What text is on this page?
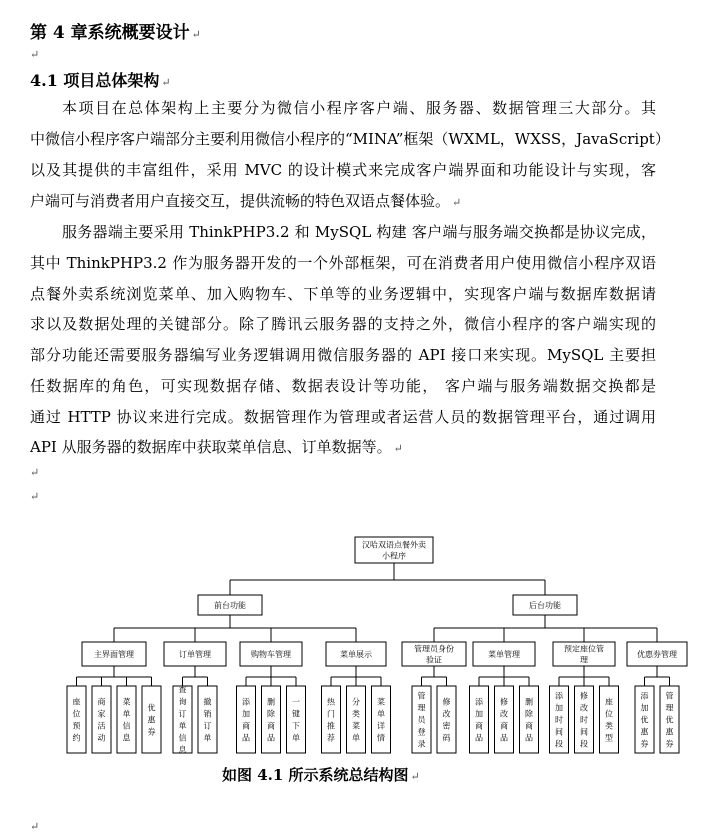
第 4 章系统概要设计 ↵
↵
4.1 项目总体架构 ↵
本项目在总体架构上主要分为微信小程序客户端、服务器、数据管理三大部分。其
中微信小程序客户端部分主要利用微信小程序的“MINA”框架（WXML，WXSS，JavaScript）
以及其提供的丰富组件，采用 MVC 的设计模式来完成客户端界面和功能设计与实现，客
户端可与消费者用户直接交互，提供流畅的特色双语点餐体验。 ↵
服务器端主要采用 ThinkPHP3.2 和 MySQL 构建 客户端与服务端交换都是协议完成，
其中 ThinkPHP3.2 作为服务器开发的一个外部框架，可在消费者用户使用微信小程序双语
点餐外卖系统浏览菜单、加入购物车、下单等的业务逻辑中，实现客户端与数据库数据请
求以及数据处理的关键部分。除了腾讯云服务器的支持之外，微信小程序的客户端实现的
部分功能还需要服务器编写业务逻辑调用微信服务器的 API 接口来实现。MySQL 主要担
任数据库的角色，可实现数据存储、数据表设计等功能， 客户端与服务端数据交换都是
通过 HTTP 协议来进行完成。数据管理作为管理或者运营人员的数据管理平台，通过调用
API 从服务器的数据库中获取菜单信息、订单数据等。 ↵
↵
↵
汉哈双语点餐外卖
小程序
前台功能
主界面管理
座位预约
商家活动
菜单信息
优惠券
订单管理
查询订单信息
撤销订单
购物车管理
添加商品
删除商品
一键下单
菜单展示
热门推荐
分类菜单
菜单详情
后台功能
管理员身份
验证
管理员登录
修改密码
菜单管理
添加商品
修改商品
删除商品
预定座位管
理
添加时间段
修改时间段
座位类型
优惠券管理
添加优惠券
管理优惠券
如图 4.1 所示系统总结构图 ↵
↵
